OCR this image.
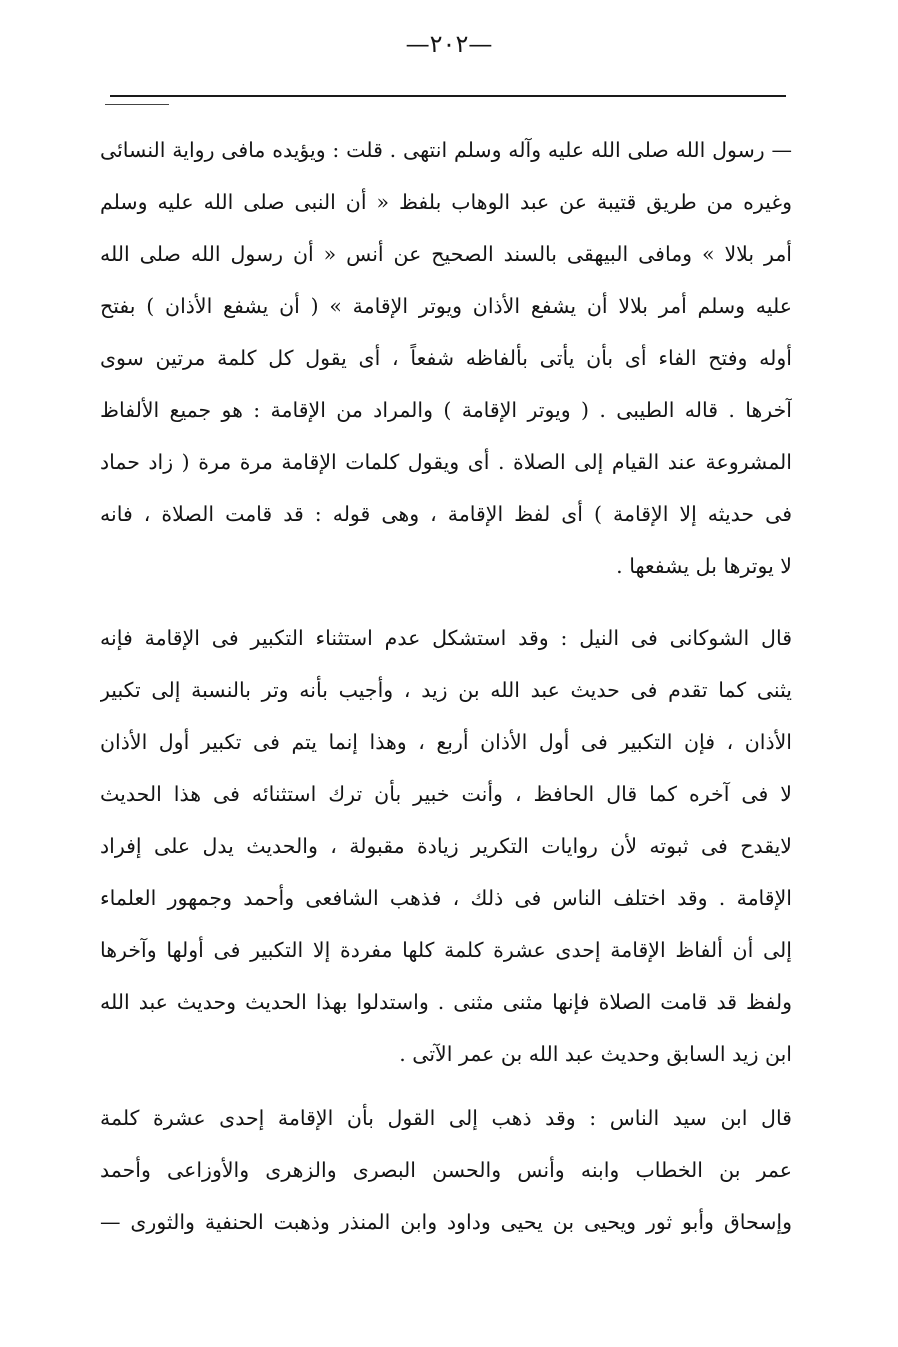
—٢٠٢—
— رسول الله صلى الله عليه وآله وسلم انتهى . قلت : ويؤيده مافى رواية النسائى
وغيره من طريق قتيبة عن عبد الوهاب بلفظ « أن النبى صلى الله عليه وسلم
أمر بلالا » ومافى البيهقى بالسند الصحيح عن أنس « أن رسول الله صلى الله
عليه وسلم أمر بلالا أن يشفع الأذان ويوتر الإقامة » ( أن يشفع الأذان ) بفتح
أوله وفتح الفاء أى بأن يأتى بألفاظه شفعاً ، أى يقول كل كلمة مرتين سوى
آخرها . قاله الطيبى . ( ويوتر الإقامة ) والمراد من الإقامة : هو جميع الألفاظ
المشروعة عند القيام إلى الصلاة . أى ويقول كلمات الإقامة مرة مرة ( زاد حماد
فى حديثه إلا الإقامة ) أى لفظ الإقامة ، وهى قوله : قد قامت الصلاة ، فانه
لا يوترها بل يشفعها .
قال الشوكانى فى النيل : وقد استشكل عدم استثناء التكبير فى الإقامة فإنه
يثنى كما تقدم فى حديث عبد الله بن زيد ، وأجيب بأنه وتر بالنسبة إلى تكبير
الأذان ، فإن التكبير فى أول الأذان أربع ، وهذا إنما يتم فى تكبير أول الأذان
لا فى آخره كما قال الحافظ ، وأنت خبير بأن ترك استثنائه فى هذا الحديث
لايقدح فى ثبوته لأن روايات التكرير زيادة مقبولة ، والحديث يدل على إفراد
الإقامة . وقد اختلف الناس فى ذلك ، فذهب الشافعى وأحمد وجمهور العلماء
إلى أن ألفاظ الإقامة إحدى عشرة كلمة كلها مفردة إلا التكبير فى أولها وآخرها
ولفظ قد قامت الصلاة فإنها مثنى مثنى . واستدلوا بهذا الحديث وحديث عبد الله
ابن زيد السابق وحديث عبد الله بن عمر الآتى .
قال ابن سيد الناس : وقد ذهب إلى القول بأن الإقامة إحدى عشرة كلمة
عمر بن الخطاب وابنه وأنس والحسن البصرى والزهرى والأوزاعى وأحمد
وإسحاق وأبو ثور ويحيى بن يحيى وداود وابن المنذر وذهبت الحنفية والثورى —
